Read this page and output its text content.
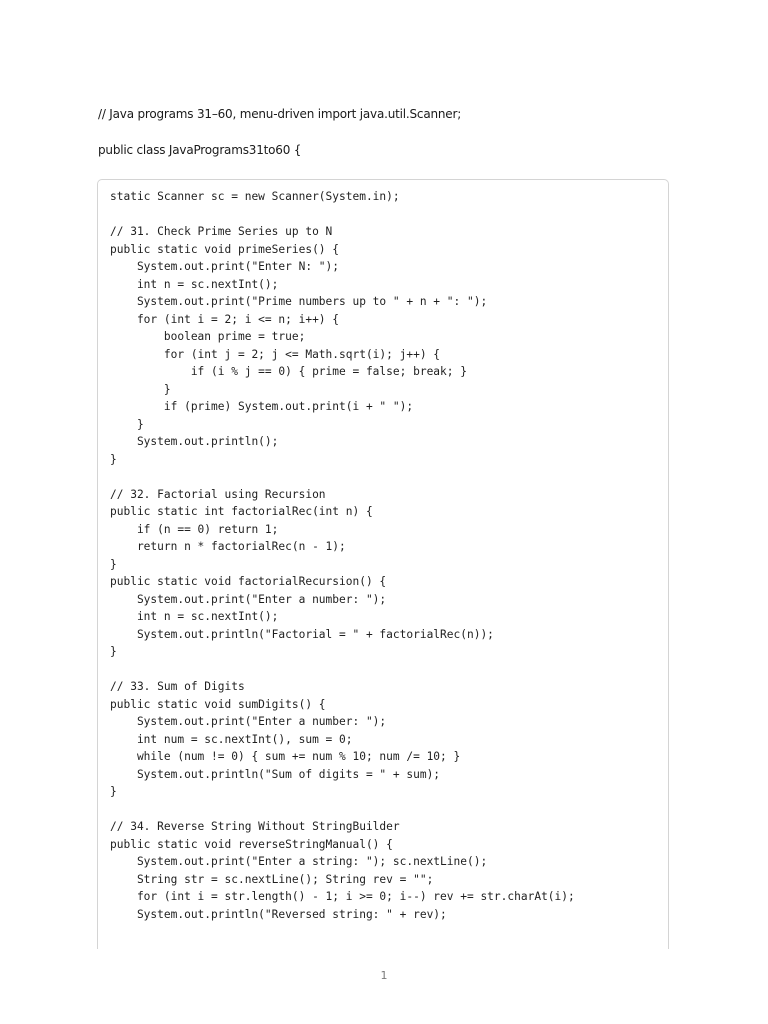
// Java programs 31–60, menu-driven import java.util.Scanner;
public class JavaPrograms31to60 {
static Scanner sc = new Scanner(System.in);
// 31. Check Prime Series up to N
public static void primeSeries() {
System.out.print("Enter N: ");
int n = sc.nextInt();
System.out.print("Prime numbers up to " + n + ": ");
for (int i = 2; i <= n; i++) {
boolean prime = true;
for (int j = 2; j <= Math.sqrt(i); j++) {
if (i % j == 0) { prime = false; break; }
}
if (prime) System.out.print(i + " ");
}
System.out.println();
}
// 32. Factorial using Recursion
public static int factorialRec(int n) {
if (n == 0) return 1;
return n * factorialRec(n - 1);
}
public static void factorialRecursion() {
System.out.print("Enter a number: ");
int n = sc.nextInt();
System.out.println("Factorial = " + factorialRec(n));
}
// 33. Sum of Digits
public static void sumDigits() {
System.out.print("Enter a number: ");
int num = sc.nextInt(), sum = 0;
while (num != 0) { sum += num % 10; num /= 10; }
System.out.println("Sum of digits = " + sum);
}
// 34. Reverse String Without StringBuilder
public static void reverseStringManual() {
System.out.print("Enter a string: "); sc.nextLine();
String str = sc.nextLine(); String rev = "";
for (int i = str.length() - 1; i >= 0; i--) rev += str.charAt(i);
System.out.println("Reversed string: " + rev);
1
